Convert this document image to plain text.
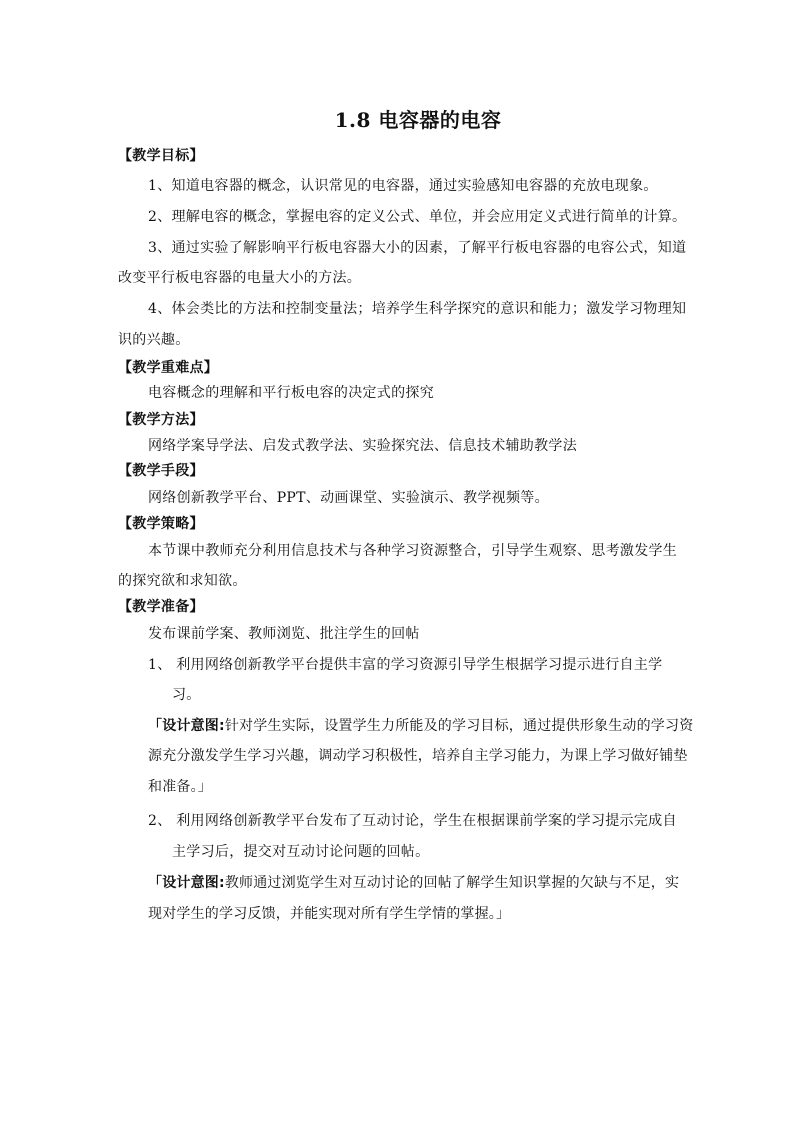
1.8 电容器的电容
【教学目标】
1、知道电容器的概念，认识常见的电容器，通过实验感知电容器的充放电现象。
2、理解电容的概念，掌握电容的定义公式、单位，并会应用定义式进行简单的计算。
3、通过实验了解影响平行板电容器大小的因素，了解平行板电容器的电容公式，知道
改变平行板电容器的电量大小的方法。
4、体会类比的方法和控制变量法；培养学生科学探究的意识和能力；激发学习物理知
识的兴趣。
【教学重难点】
电容概念的理解和平行板电容的决定式的探究
【教学方法】
网络学案导学法、启发式教学法、实验探究法、信息技术辅助教学法
【教学手段】
网络创新教学平台、PPT、动画课堂、实验演示、教学视频等。
【教学策略】
本节课中教师充分利用信息技术与各种学习资源整合，引导学生观察、思考激发学生
的探究欲和求知欲。
【教学准备】
发布课前学案、教师浏览、批注学生的回帖
1、 利用网络创新教学平台提供丰富的学习资源引导学生根据学习提示进行自主学
习。
「设计意图:针对学生实际，设置学生力所能及的学习目标，通过提供形象生动的学习资
源充分激发学生学习兴趣，调动学习积极性，培养自主学习能力，为课上学习做好铺垫
和准备。」
2、 利用网络创新教学平台发布了互动讨论，学生在根据课前学案的学习提示完成自
主学习后，提交对互动讨论问题的回帖。
「设计意图:教师通过浏览学生对互动讨论的回帖了解学生知识掌握的欠缺与不足，实
现对学生的学习反馈，并能实现对所有学生学情的掌握。」
